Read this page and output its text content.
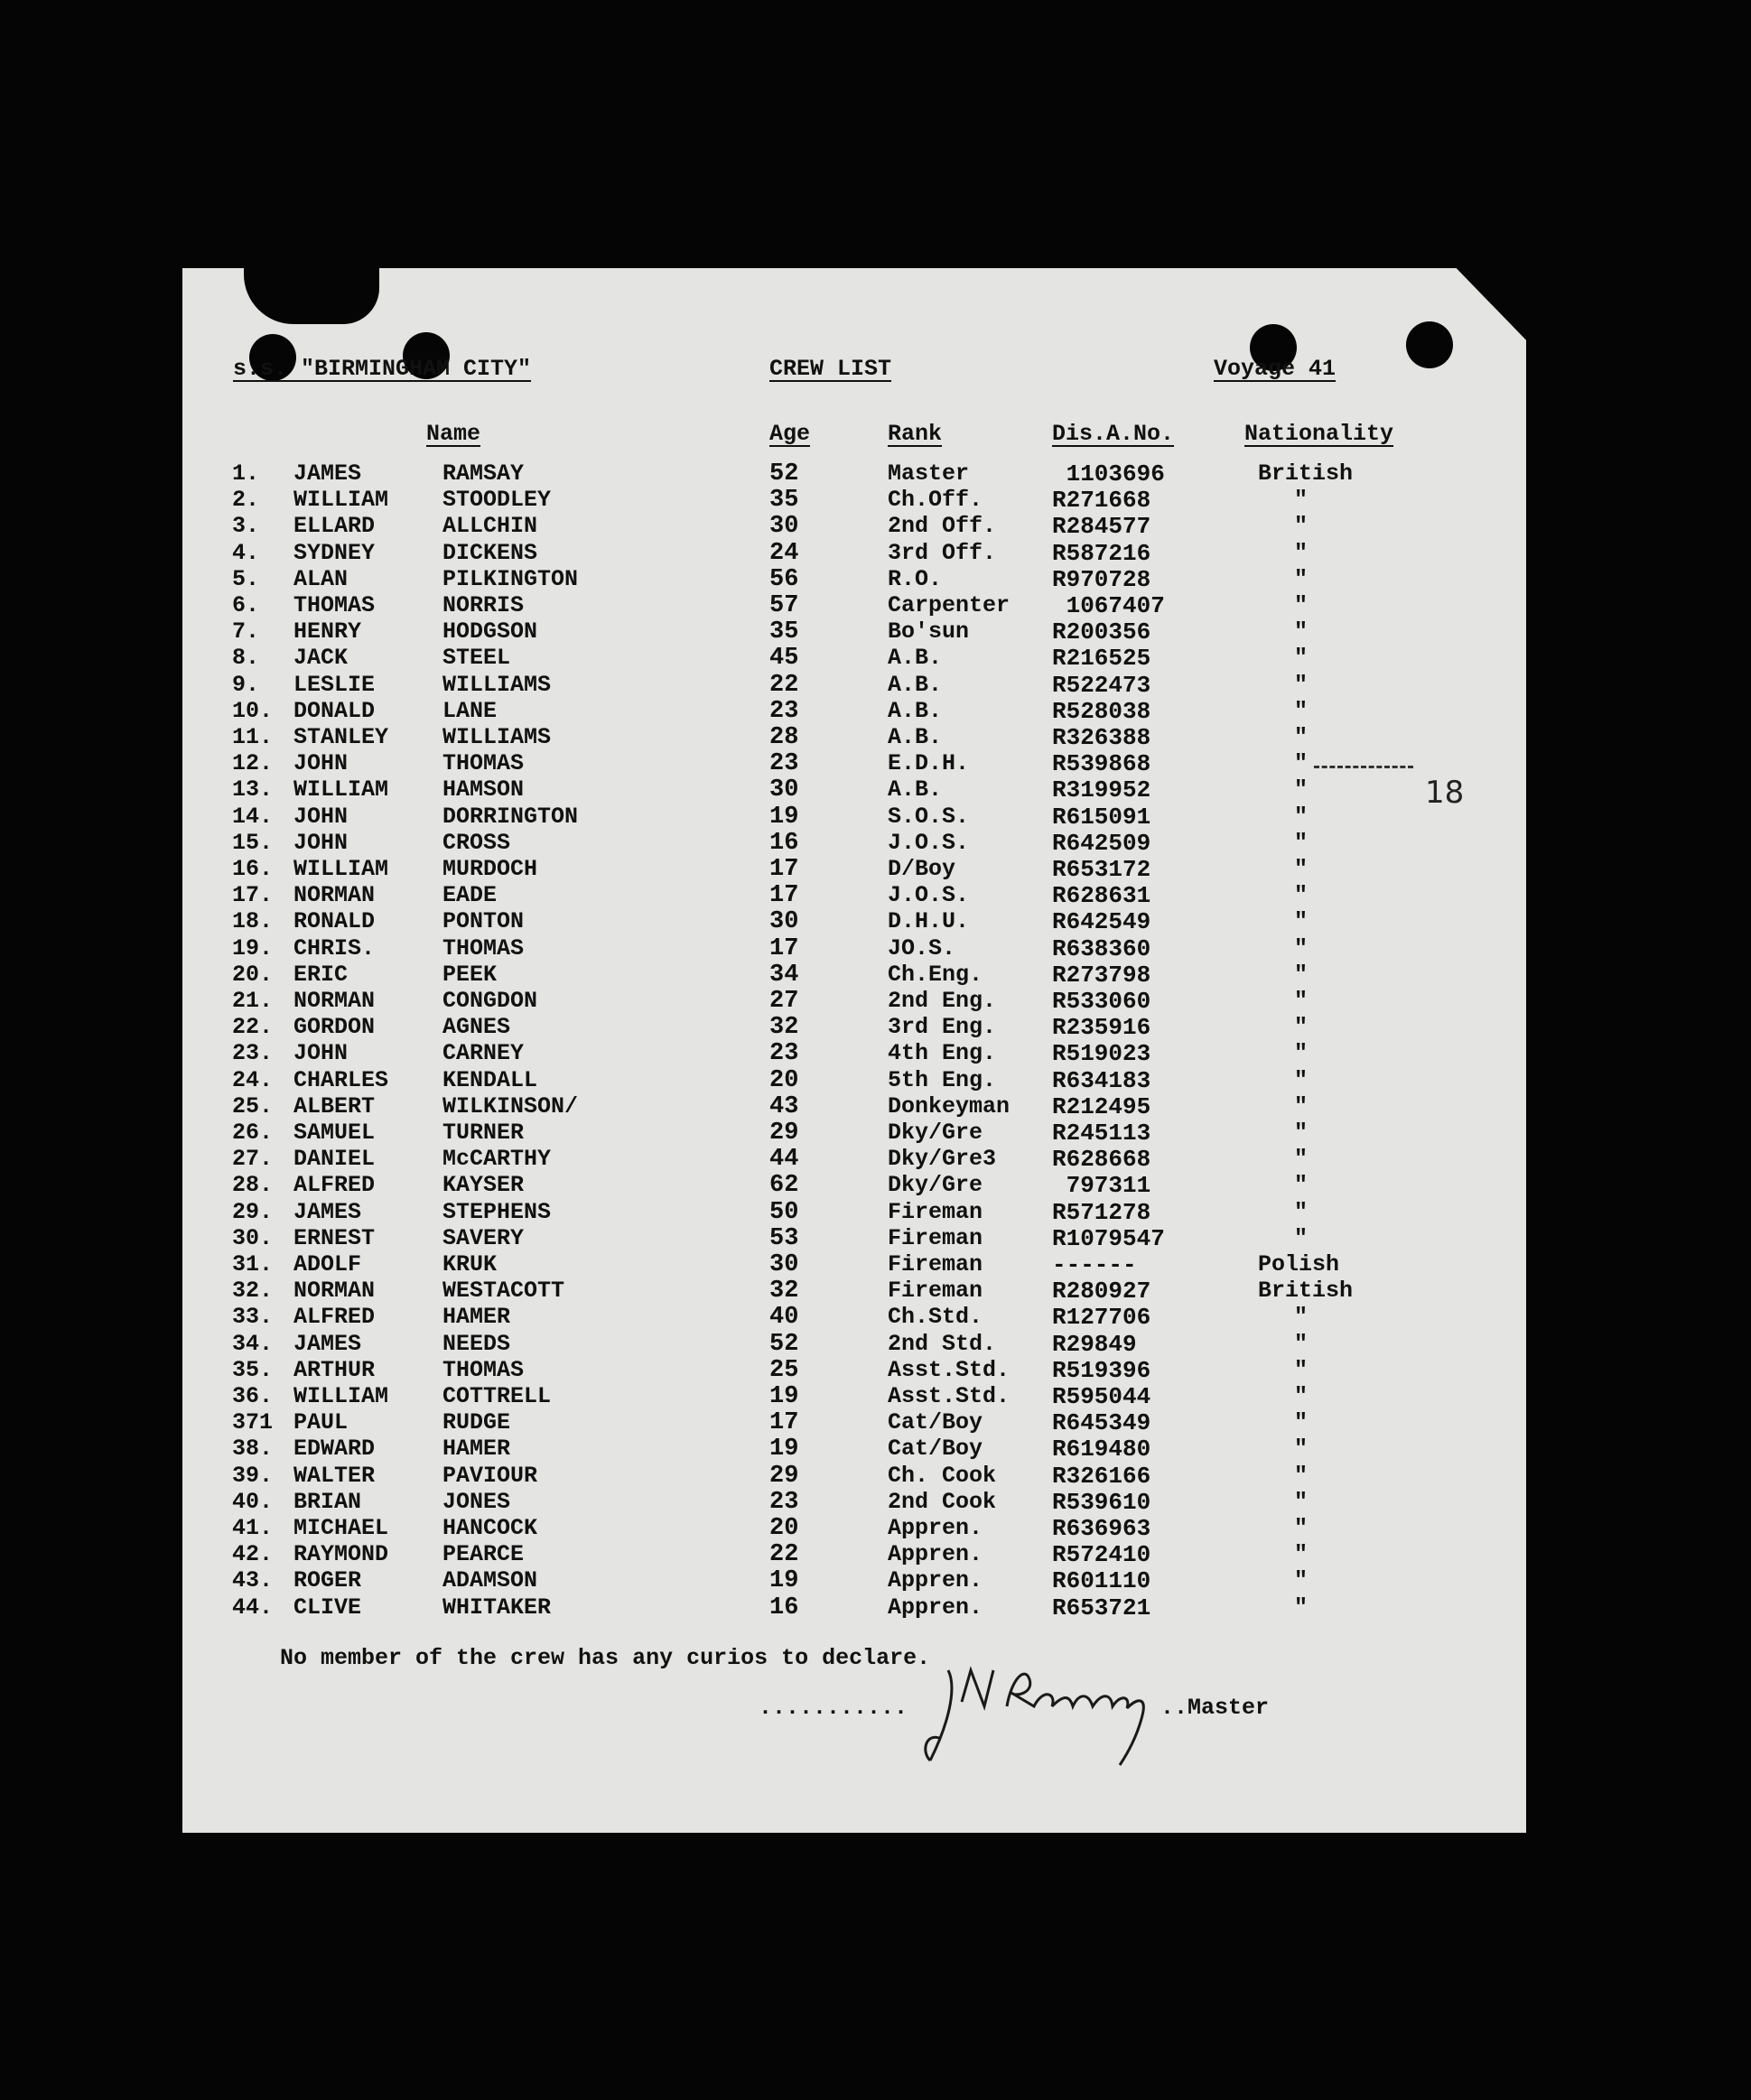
s.s. "BIRMINGHAM CITY"	CREW LIST	Voyage 41
Name	Age	Rank	Dis.A.No.	Nationality
1. JAMES	RAMSAY	52	Master	1103696	British
2. WILLIAM STOODLEY	35	Ch.Off.	R271668	"
3. ELLARD	ALLCHIN	30	2nd Off. R284577	"
4. SYDNEY	DICKENS	24	3rd Off. R587216	"
5. ALAN	PILKINGTON	56	R.O.	R970728	"
6. THOMAS	NORRIS	57	Carpenter 1067407	"
7. HENRY	HODGSON	35	Bo'sun	R200356	"
8. JACK	STEEL	45	A.B.	R216525	"
9. LESLIE	WILLIAMS	22	A.B.	R522473	"
10. DONALD	LANE	23	A.B.	R528038	"
11. STANLEY WILLIAMS	28	A.B.	R326388	"
12. JOHN	THOMAS	23	E.D.H.	R539868	"
13. WILLIAM HAMSON	30	A.B.	R319952	"
14. JOHN	DORRINGTON	19	S.O.S.	R615091	"
15. JOHN	CROSS	16	J.O.S.	R642509	"
16. WILLIAM MURDOCH	17	D/Boy	R653172	"
17. NORMAN	EADE	17	J.O.S.	R628631	"
18. RONALD	PONTON	30	D.H.U.	R642549	"
19. CHRIS.	THOMAS	17	JO.S.	R638360	"
20. ERIC	PEEK	34	Ch.Eng.	R273798	"
21. NORMAN	CONGDON	27	2nd Eng. R533060	"
22. GORDON	AGNES	32	3rd Eng. R235916	"
23. JOHN	CARNEY	23	4th Eng. R519023	"
24. CHARLES KENDALL	20	5th Eng. R634183	"
25. ALBERT	WILKINSON/	43	Donkeyman R212495	"
26. SAMUEL	TURNER	29	Dky/Gre	R245113	"
27. DANIEL	McCARTHY	44	Dky/Gre3 R628668	"
28. ALFRED	KAYSER	62	Dky/Gre	797311	"
29. JAMES	STEPHENS	50	Fireman	R571278	"
30. ERNEST	SAVERY	53	Fireman	R1079547	"
31. ADOLF	KRUK	30	Fireman	------	Polish
32. NORMAN	WESTACOTT	32	Fireman	R280927	British
33. ALFRED	HAMER	40	Ch.Std.	R127706	"
34. JAMES	NEEDS	52	2nd Std. R29849	"
35. ARTHUR	THOMAS	25	Asst.Std. R519396	"
36. WILLIAM COTTRELL	19	Asst.Std. R595044	"
371 PAUL	RUDGE	17	Cat/Boy	R645349	"
38. EDWARD	HAMER	19	Cat/Boy	R619480	"
39. WALTER	PAVIOUR	29	Ch. Cook R326166	"
40. BRIAN	JONES	23	2nd Cook R539610	"
41. MICHAEL HANCOCK	20	Appren.	R636963	"
42. RAYMOND PEARCE	22	Appren.	R572410	"
43. ROGER	ADAMSON	19	Appren.	R601110	"
44. CLIVE	WHITAKER	16	Appren.	R653721	"
18
No member of the crew has any curios to declare.
...........	..Master
